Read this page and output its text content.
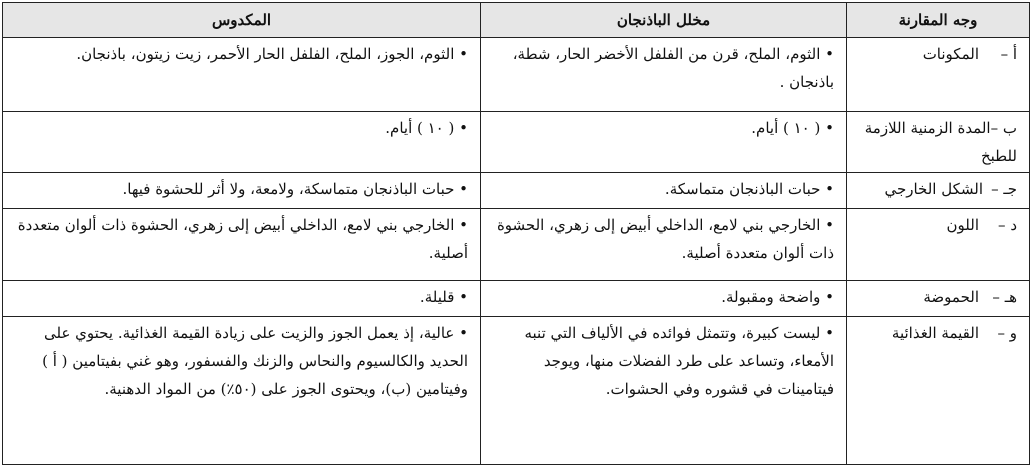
وجه المقارنة	مخلل الباذنجان	المكدوس
أ –المكونات	• الثوم، الملح، قرن من الفلفل الأخضر الحار، شطة، باذنجان .	• الثوم، الجوز، الملح، الفلفل الحار الأحمر، زيت زيتون، باذنجان.
ب –المدة الزمنية اللازمة للطبخ	• ( ١٠ ) أيام.	• ( ١٠ ) أيام.
جـ –الشكل الخارجي	• حبات الباذنجان متماسكة.	• حبات الباذنجان متماسكة، ولامعة، ولا أثر للحشوة فيها.
د –اللون	• الخارجي بني لامع، الداخلي أبيض إلى زهري، الحشوة ذات ألوان متعددة أصلية.	• الخارجي بني لامع، الداخلي أبيض إلى زهري، الحشوة ذات ألوان متعددة أصلية.
هـ –الحموضة	• واضحة ومقبولة.	• قليلة.
و –القيمة الغذائية	• ليست كبيرة، وتتمثل فوائده في الألياف التي تنبه الأمعاء، وتساعد على طرد الفضلات منها، ويوجد فيتامينات في قشوره وفي الحشوات.	• عالية، إذ يعمل الجوز والزيت على زيادة القيمة الغذائية. يحتوي على الحديد والكالسيوم والنحاس والزنك والفسفور، وهو غني بفيتامين ( أ ) وفيتامين (ب)، ويحتوى الجوز على (٥٠٪) من المواد الدهنية.
